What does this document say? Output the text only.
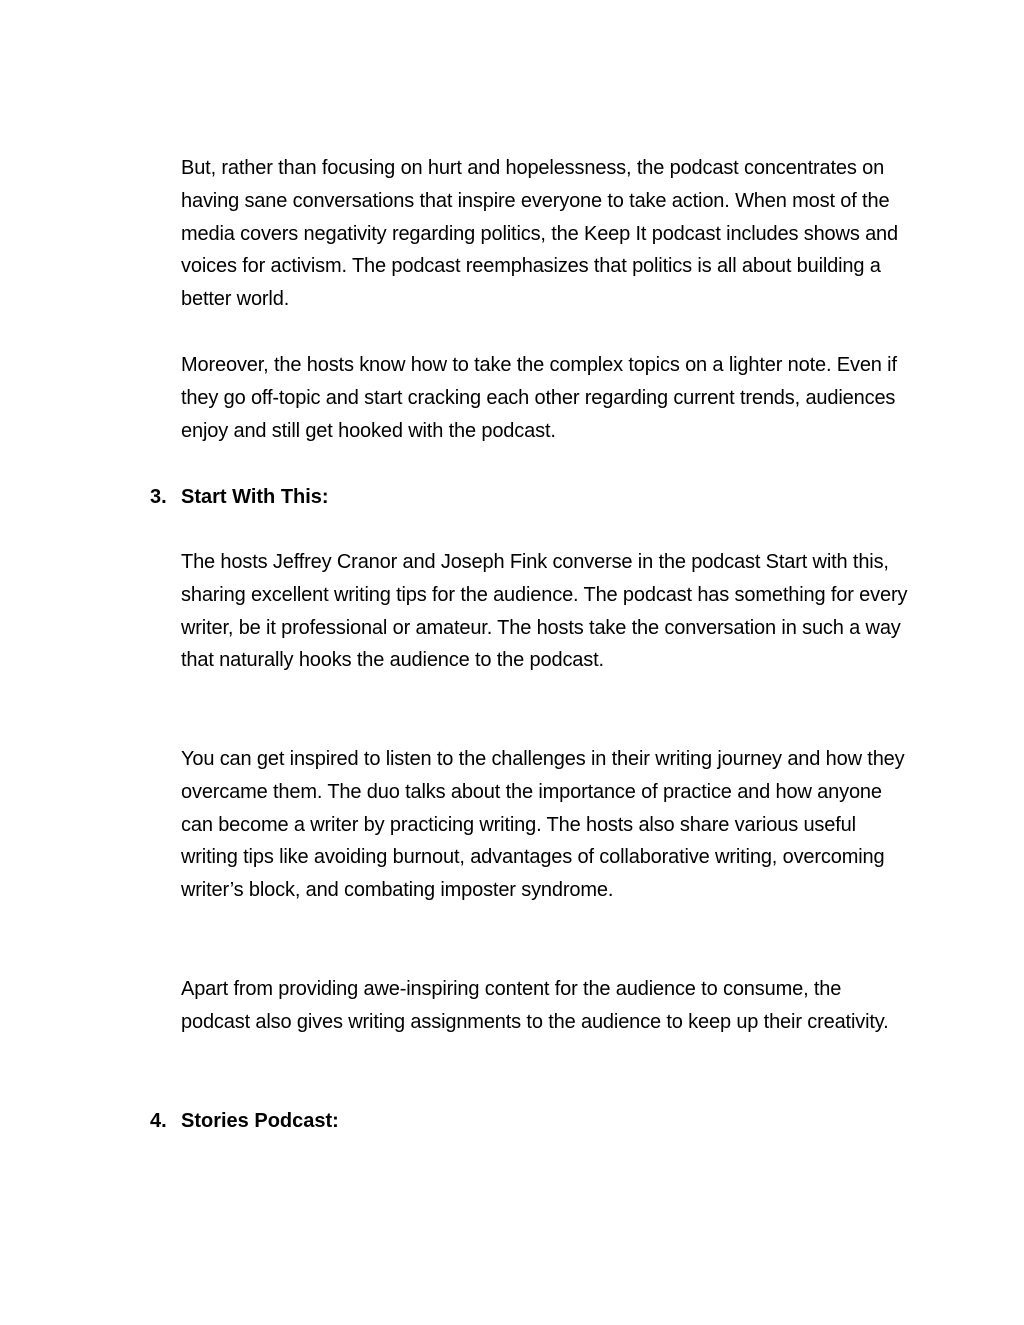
But, rather than focusing on hurt and hopelessness, the podcast concentrates on having sane conversations that inspire everyone to take action. When most of the media covers negativity regarding politics, the Keep It podcast includes shows and voices for activism. The podcast reemphasizes that politics is all about building a better world.

Moreover, the hosts know how to take the complex topics on a lighter note. Even if they go off-topic and start cracking each other regarding current trends, audiences enjoy and still get hooked with the podcast.

3. Start With This:

The hosts Jeffrey Cranor and Joseph Fink converse in the podcast Start with this, sharing excellent writing tips for the audience. The podcast has something for every writer, be it professional or amateur. The hosts take the conversation in such a way that naturally hooks the audience to the podcast.

You can get inspired to listen to the challenges in their writing journey and how they overcame them. The duo talks about the importance of practice and how anyone can become a writer by practicing writing. The hosts also share various useful writing tips like avoiding burnout, advantages of collaborative writing, overcoming writer’s block, and combating imposter syndrome.

Apart from providing awe-inspiring content for the audience to consume, the podcast also gives writing assignments to the audience to keep up their creativity.

4. Stories Podcast:
